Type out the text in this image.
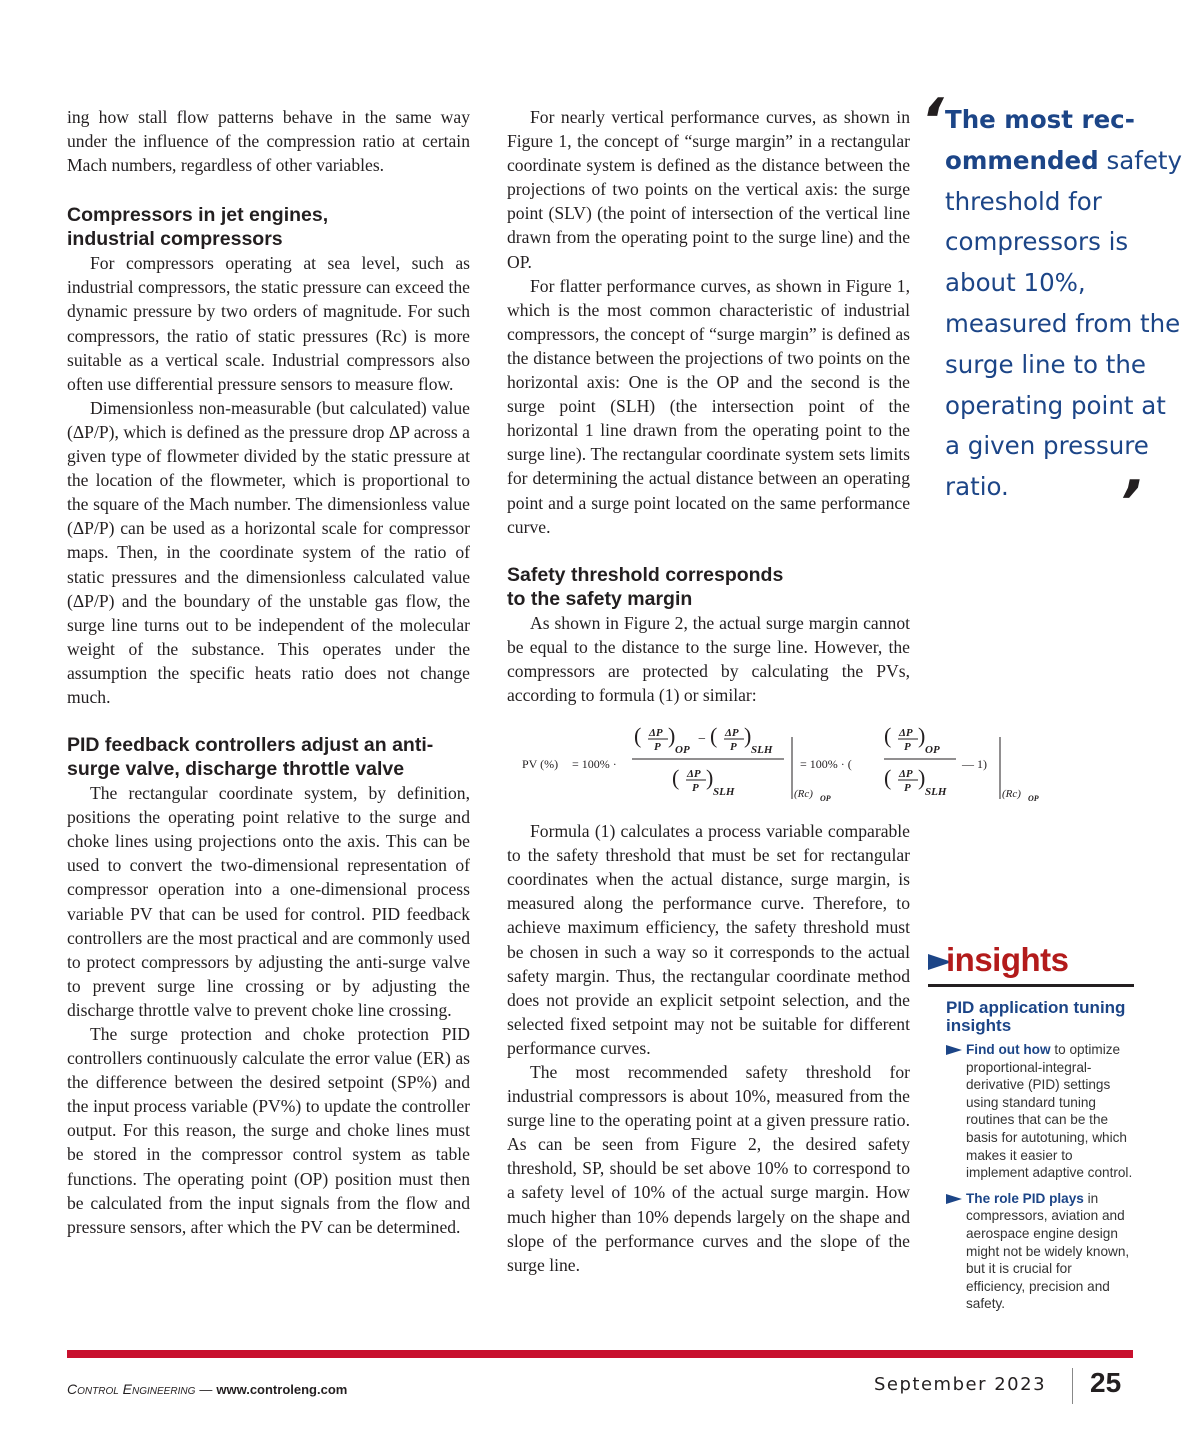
ing how stall flow patterns behave in the same way under the influence of the compression ratio at certain Mach numbers, regardless of other variables.

Compressors in jet engines,
industrial compressors

For compressors operating at sea level, such as industrial compressors, the static pressure can exceed the dynamic pressure by two orders of magnitude. For such compressors, the ratio of static pressures (Rc) is more suitable as a vertical scale. Industrial compressors also often use differential pressure sensors to measure flow.

Dimensionless non-measurable (but calculated) value (ΔP/P), which is defined as the pressure drop ΔP across a given type of flowmeter divided by the static pressure at the location of the flowmeter, which is proportional to the square of the Mach number. The dimensionless value (ΔP/P) can be used as a horizontal scale for compressor maps. Then, in the coordinate system of the ratio of static pressures and the dimensionless calculated value (ΔP/P) and the boundary of the unstable gas flow, the surge line turns out to be independent of the molecular weight of the substance. This operates under the assumption the specific heats ratio does not change much.

PID feedback controllers adjust an anti-
surge valve, discharge throttle valve

The rectangular coordinate system, by definition, positions the operating point relative to the surge and choke lines using projections onto the axis. This can be used to convert the two-dimensional representation of compressor operation into a one-dimensional process variable PV that can be used for control. PID feedback controllers are the most practical and are commonly used to protect compressors by adjusting the anti-surge valve to prevent surge line crossing or by adjusting the discharge throttle valve to prevent choke line crossing.

The surge protection and choke protection PID controllers continuously calculate the error value (ER) as the difference between the desired setpoint (SP%) and the input process variable (PV%) to update the controller output. For this reason, the surge and choke lines must be stored in the compressor control system as table functions. The operating point (OP) position must then be calculated from the input signals from the flow and pressure sensors, after which the PV can be determined.

For nearly vertical performance curves, as shown in Figure 1, the concept of “surge margin” in a rectangular coordinate system is defined as the distance between the projections of two points on the vertical axis: the surge point (SLV) (the point of intersection of the vertical line drawn from the operating point to the surge line) and the OP.

For flatter performance curves, as shown in Figure 1, which is the most common characteristic of industrial compressors, the concept of “surge margin” is defined as the distance between the projections of two points on the horizontal axis: One is the OP and the second is the surge point (SLH) (the intersection point of the horizontal 1 line drawn from the operating point to the surge line). The rectangular coordinate system sets limits for determining the actual distance between an operating point and a surge point located on the same performance curve.

Safety threshold corresponds
to the safety margin

As shown in Figure 2, the actual surge margin cannot be equal to the distance to the surge line. However, the compressors are protected by calculating the PVs, according to formula (1) or similar:

PV (%) = 100% ·
( ΔP
P )
OP
− ( ΔP
P )
SLH
( ΔP
P )
SLH	(Rc) OP
= 100% · (
( ΔP
P )
OP
( ΔP
P )
SLH
— 1)
(Rc) OP

Formula (1) calculates a process variable comparable to the safety threshold that must be set for rectangular coordinates when the actual distance, surge margin, is measured along the performance curve. Therefore, to achieve maximum efficiency, the safety threshold must be chosen in such a way so it corresponds to the actual safety margin. Thus, the rectangular coordinate method does not provide an explicit setpoint selection, and the selected fixed setpoint may not be suitable for different performance curves.

The most recommended safety threshold for industrial compressors is about 10%, measured from the surge line to the operating point at a given pressure ratio. As can be seen from Figure 2, the desired safety threshold, SP, should be set above 10% to correspond to a safety level of 10% of the actual surge margin. How much higher than 10% depends largely on the shape and slope of the performance curves and the slope of the surge line.

‘
The most rec-ommended safety threshold for compressors is about 10%, measured from the surge line to the operating point at a given pressure ratio.	’
insights
PID application tuning insights
Find out how to optimize proportional-integral-derivative (PID) settings using standard tuning routines that can be the basis for autotuning, which makes it easier to implement adaptive control.
The role PID plays in compressors, aviation and aerospace engine design might not be widely known, but it is crucial for efficiency, precision and safety.
Control Engineering — www.controleng.com	September 2023 25
